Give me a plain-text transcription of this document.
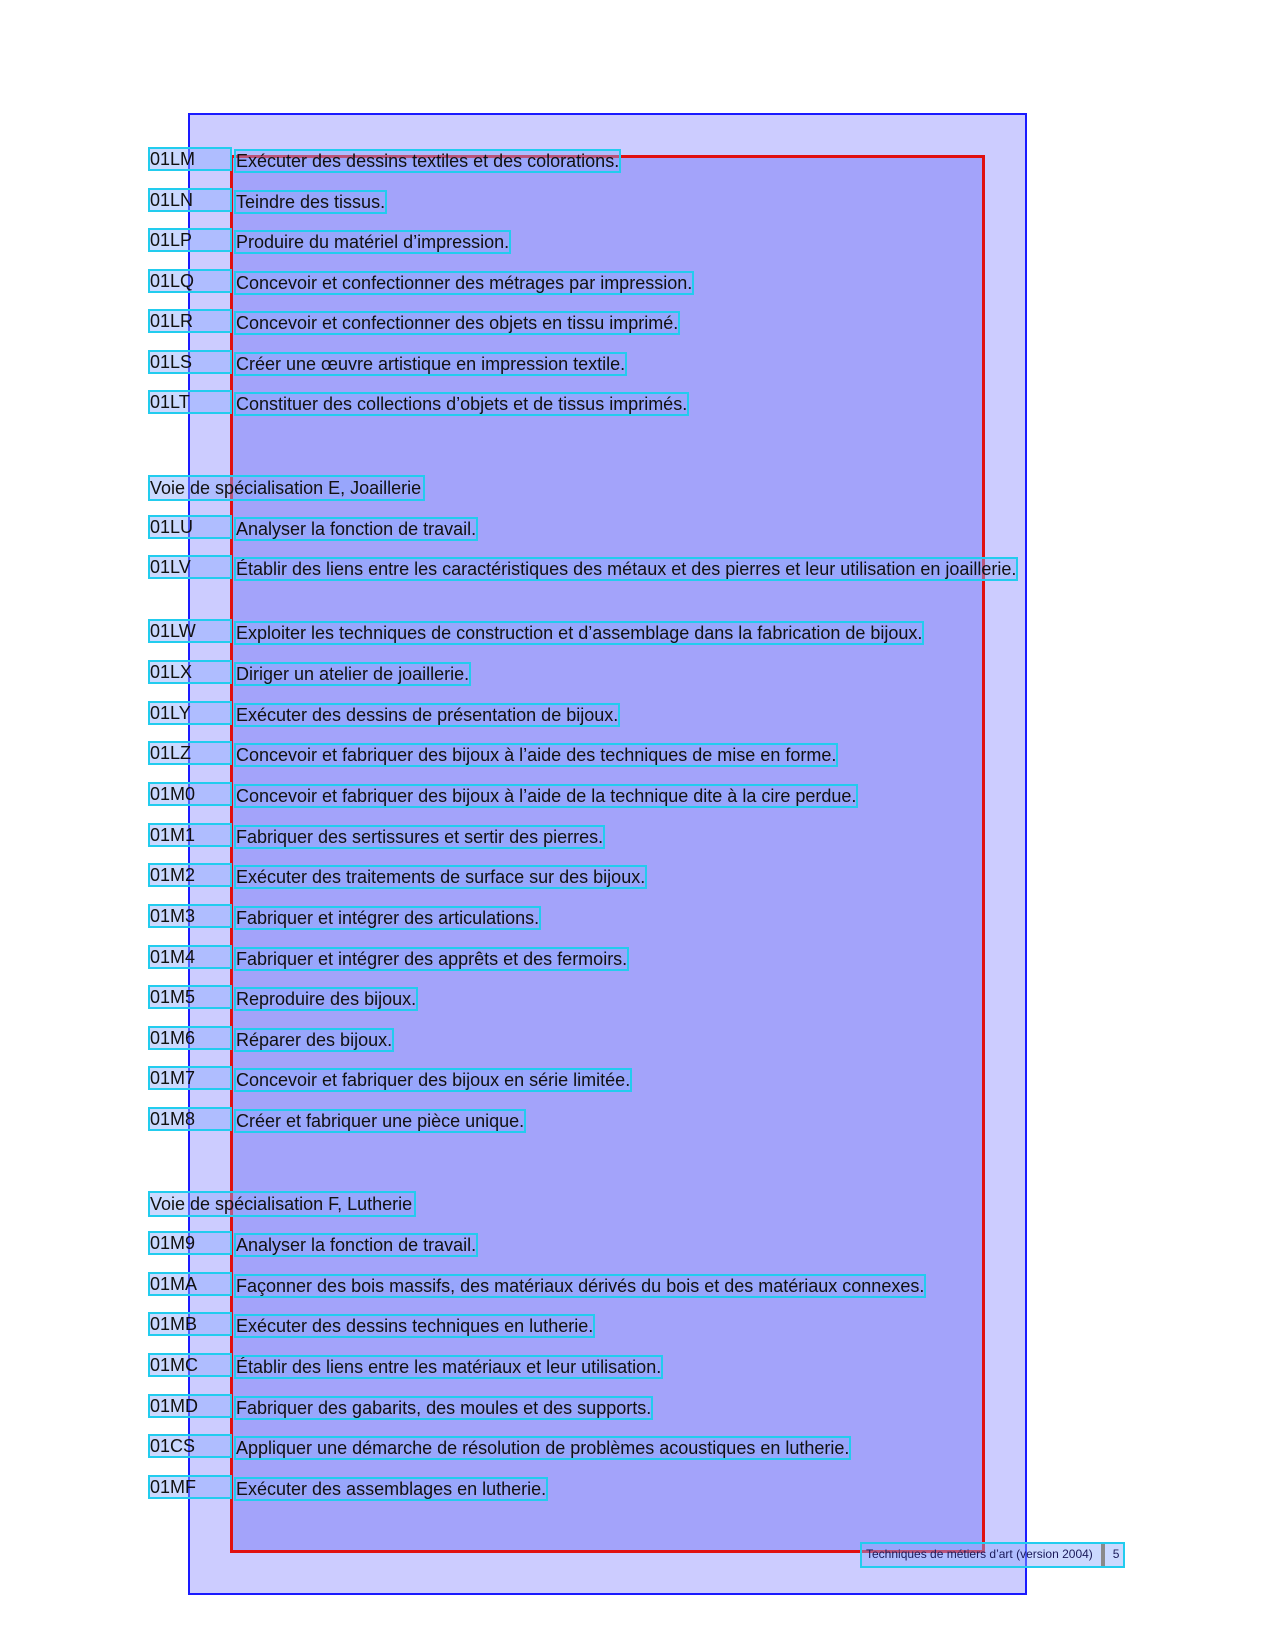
01LM	Exécuter des dessins textiles et des colorations.
01LN	Teindre des tissus.
01LP	Produire du matériel d’impression.
01LQ	Concevoir et confectionner des métrages par impression.
01LR	Concevoir et confectionner des objets en tissu imprimé.
01LS	Créer une œuvre artistique en impression textile.
01LT	Constituer des collections d’objets et de tissus imprimés.
Voie de spécialisation E, Joaillerie
01LU	Analyser la fonction de travail.
01LV	Établir des liens entre les caractéristiques des métaux et des pierres et leur utilisation en joaillerie.
01LW	Exploiter les techniques de construction et d’assemblage dans la fabrication de bijoux.
01LX	Diriger un atelier de joaillerie.
01LY	Exécuter des dessins de présentation de bijoux.
01LZ	Concevoir et fabriquer des bijoux à l’aide des techniques de mise en forme.
01M0	Concevoir et fabriquer des bijoux à l’aide de la technique dite à la cire perdue.
01M1	Fabriquer des sertissures et sertir des pierres.
01M2	Exécuter des traitements de surface sur des bijoux.
01M3	Fabriquer et intégrer des articulations.
01M4	Fabriquer et intégrer des apprêts et des fermoirs.
01M5	Reproduire des bijoux.
01M6	Réparer des bijoux.
01M7	Concevoir et fabriquer des bijoux en série limitée.
01M8	Créer et fabriquer une pièce unique.
Voie de spécialisation F, Lutherie
01M9	Analyser la fonction de travail.
01MA	Façonner des bois massifs, des matériaux dérivés du bois et des matériaux connexes.
01MB	Exécuter des dessins techniques en lutherie.
01MC	Établir des liens entre les matériaux et leur utilisation.
01MD	Fabriquer des gabarits, des moules et des supports.
01CS	Appliquer une démarche de résolution de problèmes acoustiques en lutherie.
01MF	Exécuter des assemblages en lutherie.
Techniques de métiers d’art (version 2004) 5
